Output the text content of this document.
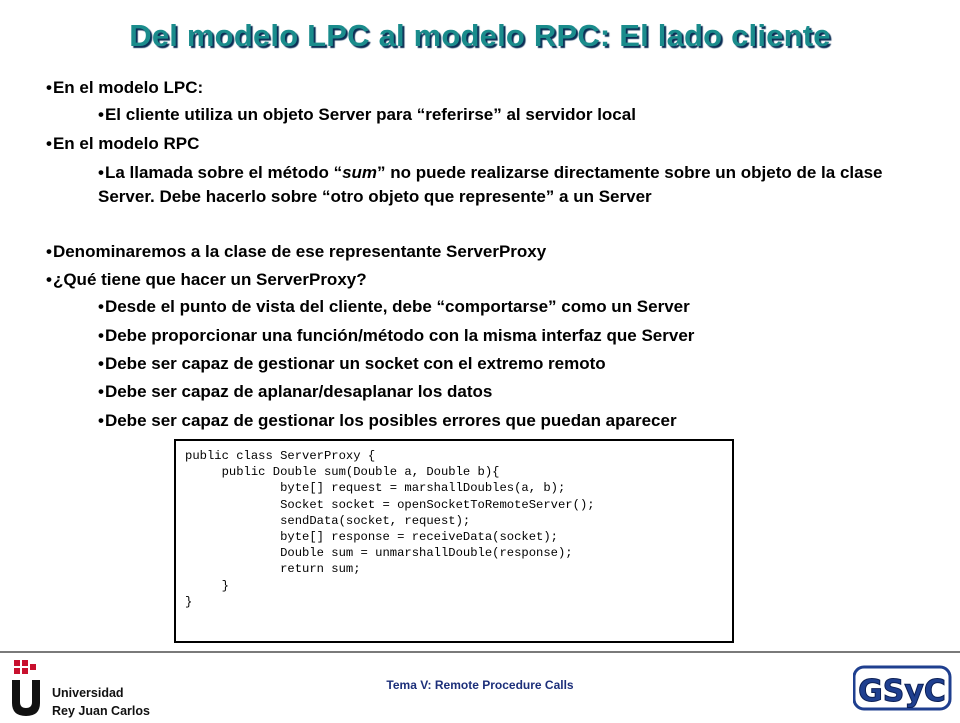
Del modelo LPC al modelo RPC: El lado cliente
•En el modelo LPC:
•El cliente utiliza un objeto Server para “referirse” al servidor local
•En el modelo RPC
•La llamada sobre el método “sum” no puede realizarse directamente sobre un objeto de la clase Server. Debe hacerlo sobre “otro objeto que represente” a un Server
•Denominaremos a la clase de ese representante ServerProxy
•¿Qué tiene que hacer un ServerProxy?
•Desde el punto de vista del cliente, debe “comportarse” como un Server
•Debe proporcionar una función/método con la misma interfaz que Server
•Debe ser capaz de gestionar un socket con el extremo remoto
•Debe ser capaz de aplanar/desaplanar los datos
•Debe ser capaz de gestionar los posibles errores que puedan aparecer
public class ServerProxy {
public Double sum(Double a, Double b){
byte[] request = marshallDoubles(a, b);
Socket socket = openSocketToRemoteServer();
sendData(socket, request);
byte[] response = receiveData(socket);
Double sum = unmarshallDouble(response);
return sum;
}
}
Universidad
Rey Juan Carlos
Tema V: Remote Procedure Calls	GSyC
